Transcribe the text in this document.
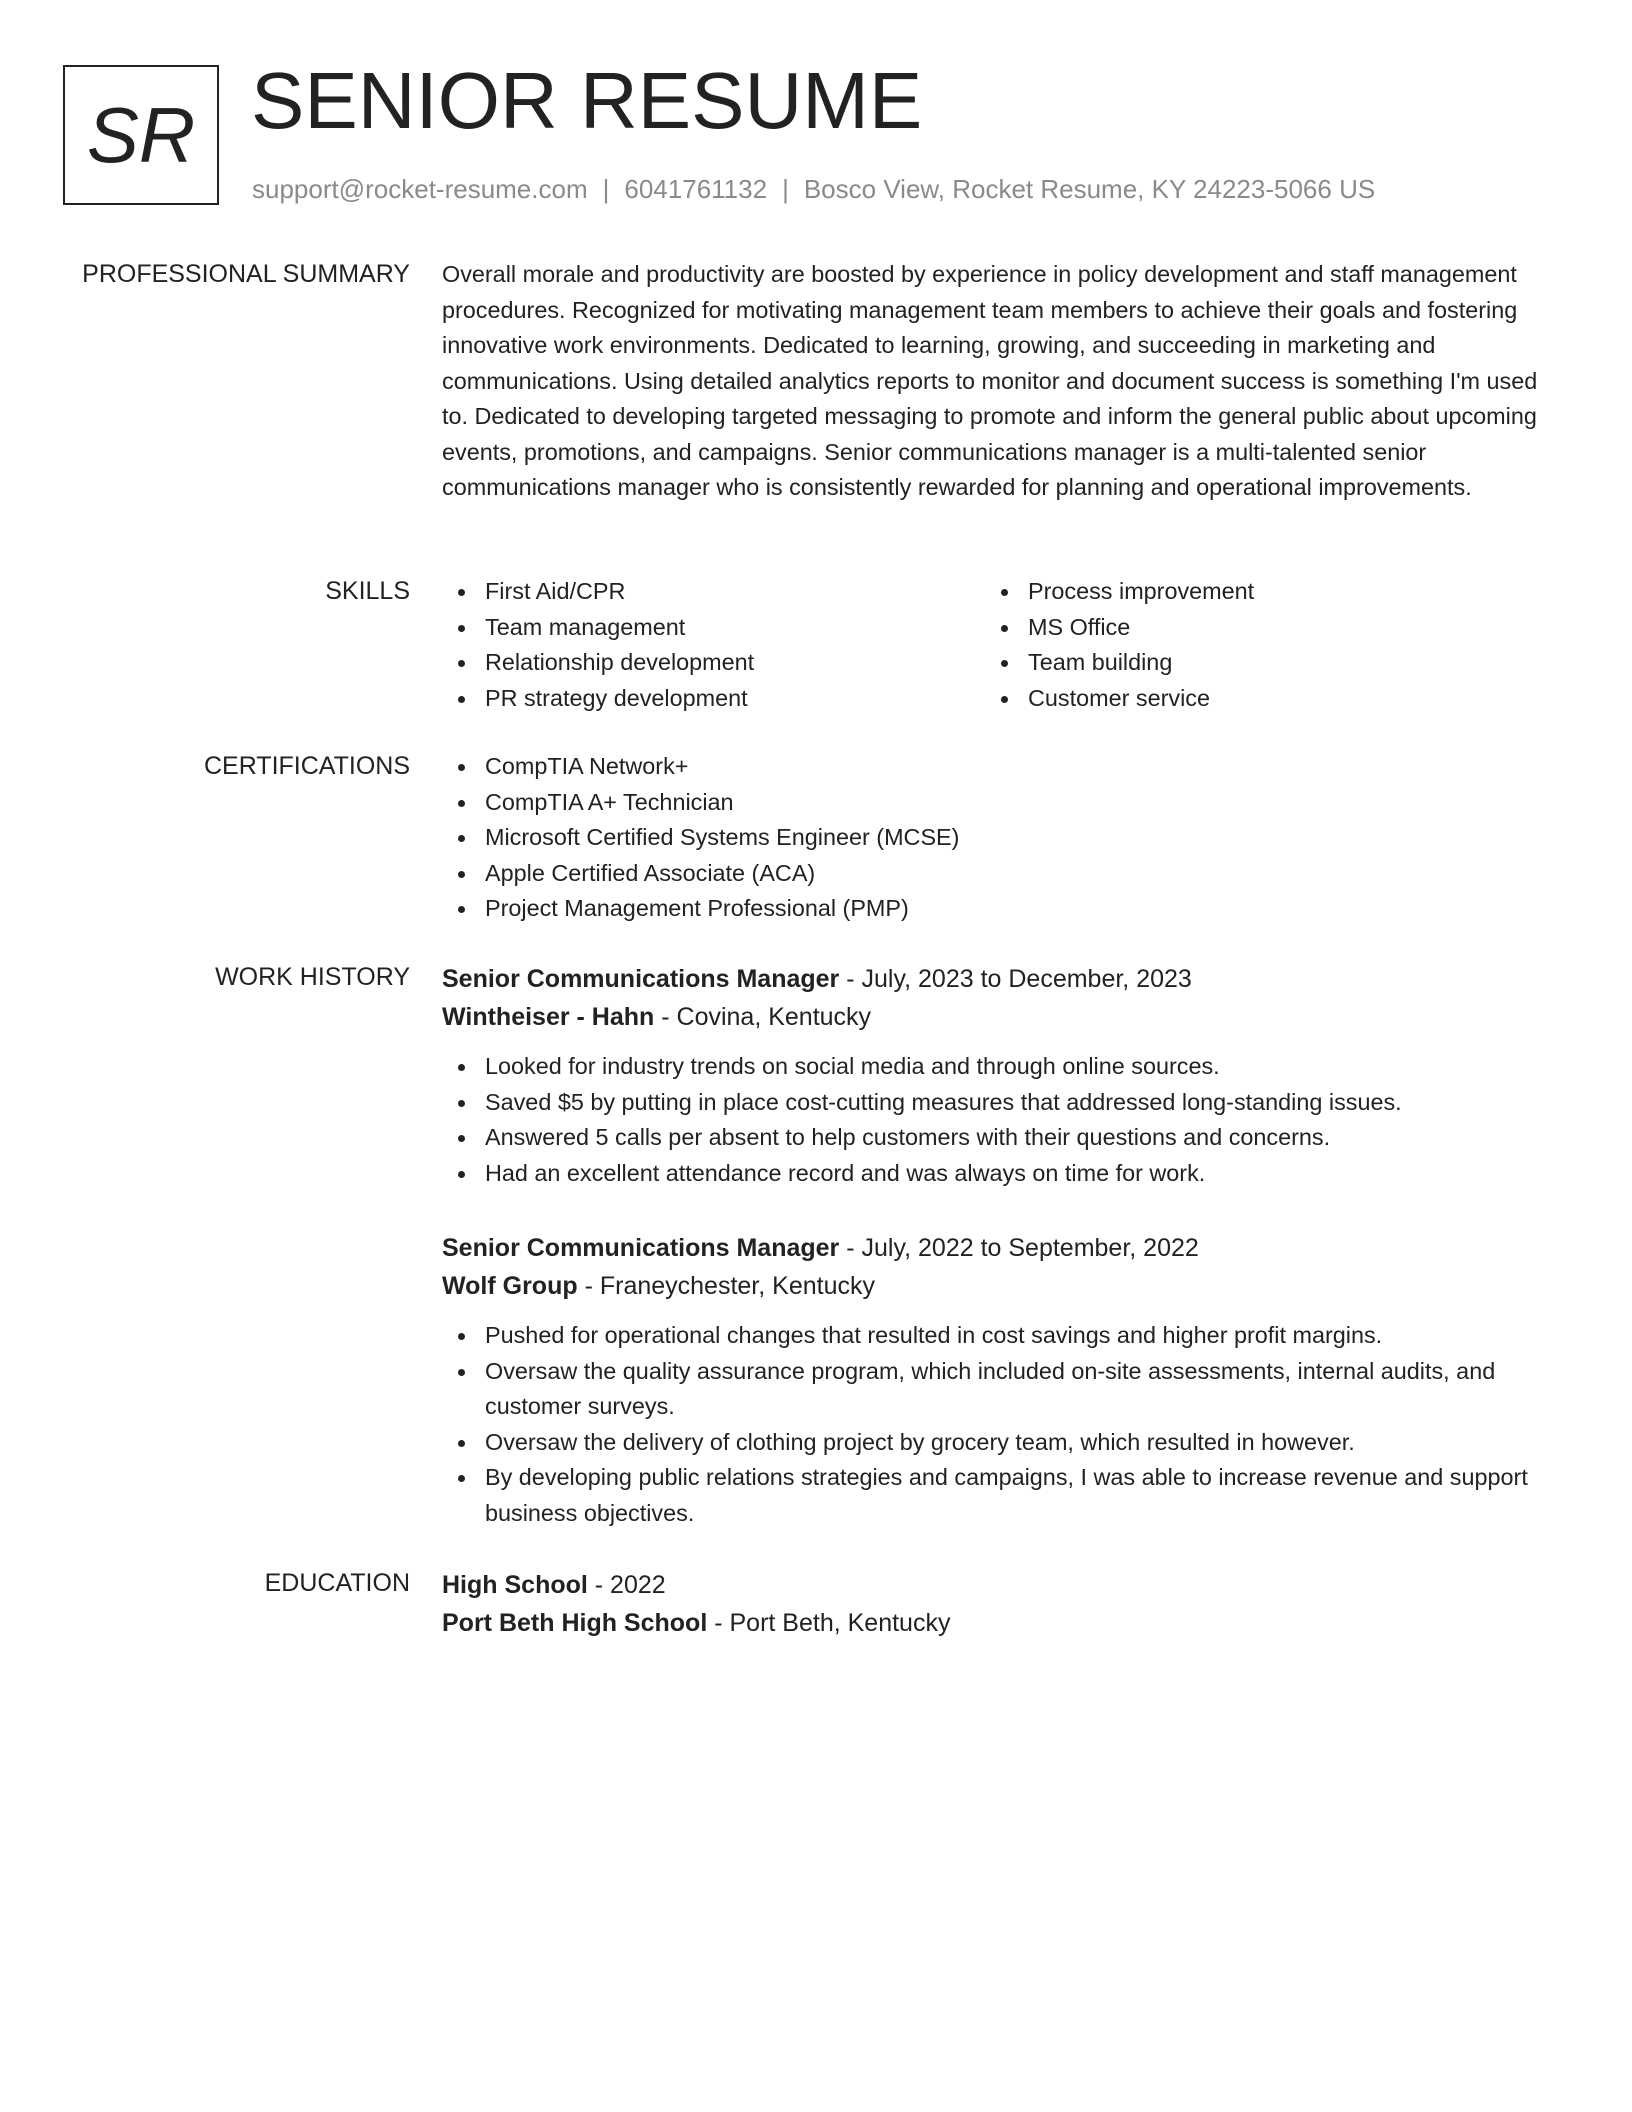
SR SENIOR RESUME
support@rocket-resume.com | 6041761132 | Bosco View, Rocket Resume, KY 24223-5066 US
PROFESSIONAL SUMMARY Overall morale and productivity are boosted by experience in policy development and staff management procedures. Recognized for motivating management team members to achieve their goals and fostering innovative work environments. Dedicated to learning, growing, and succeeding in marketing and communications. Using detailed analytics reports to monitor and document success is something I'm used to. Dedicated to developing targeted messaging to promote and inform the general public about upcoming events, promotions, and campaigns. Senior communications manager is a multi-talented senior communications manager who is consistently rewarded for planning and operational improvements.

SKILLS	First Aid/CPR
Team management
Relationship development
PR strategy development
Process improvement
MS Office
Team building
Customer service
CERTIFICATIONS	CompTIA Network+
CompTIA A+ Technician
Microsoft Certified Systems Engineer (MCSE)
Apple Certified Associate (ACA)
Project Management Professional (PMP)
WORK HISTORY Senior Communications Manager - July, 2023 to December, 2023
Wintheiser - Hahn - Covina, Kentucky
Looked for industry trends on social media and through online sources.
Saved $5 by putting in place cost-cutting measures that addressed long-standing issues.
Answered 5 calls per absent to help customers with their questions and concerns.
Had an excellent attendance record and was always on time for work.
Senior Communications Manager - July, 2022 to September, 2022
Wolf Group - Franeychester, Kentucky
Pushed for operational changes that resulted in cost savings and higher profit margins.
Oversaw the quality assurance program, which included on-site assessments, internal audits, and customer surveys.
Oversaw the delivery of clothing project by grocery team, which resulted in however.
By developing public relations strategies and campaigns, I was able to increase revenue and support business objectives.
EDUCATION High School - 2022
Port Beth High School - Port Beth, Kentucky
